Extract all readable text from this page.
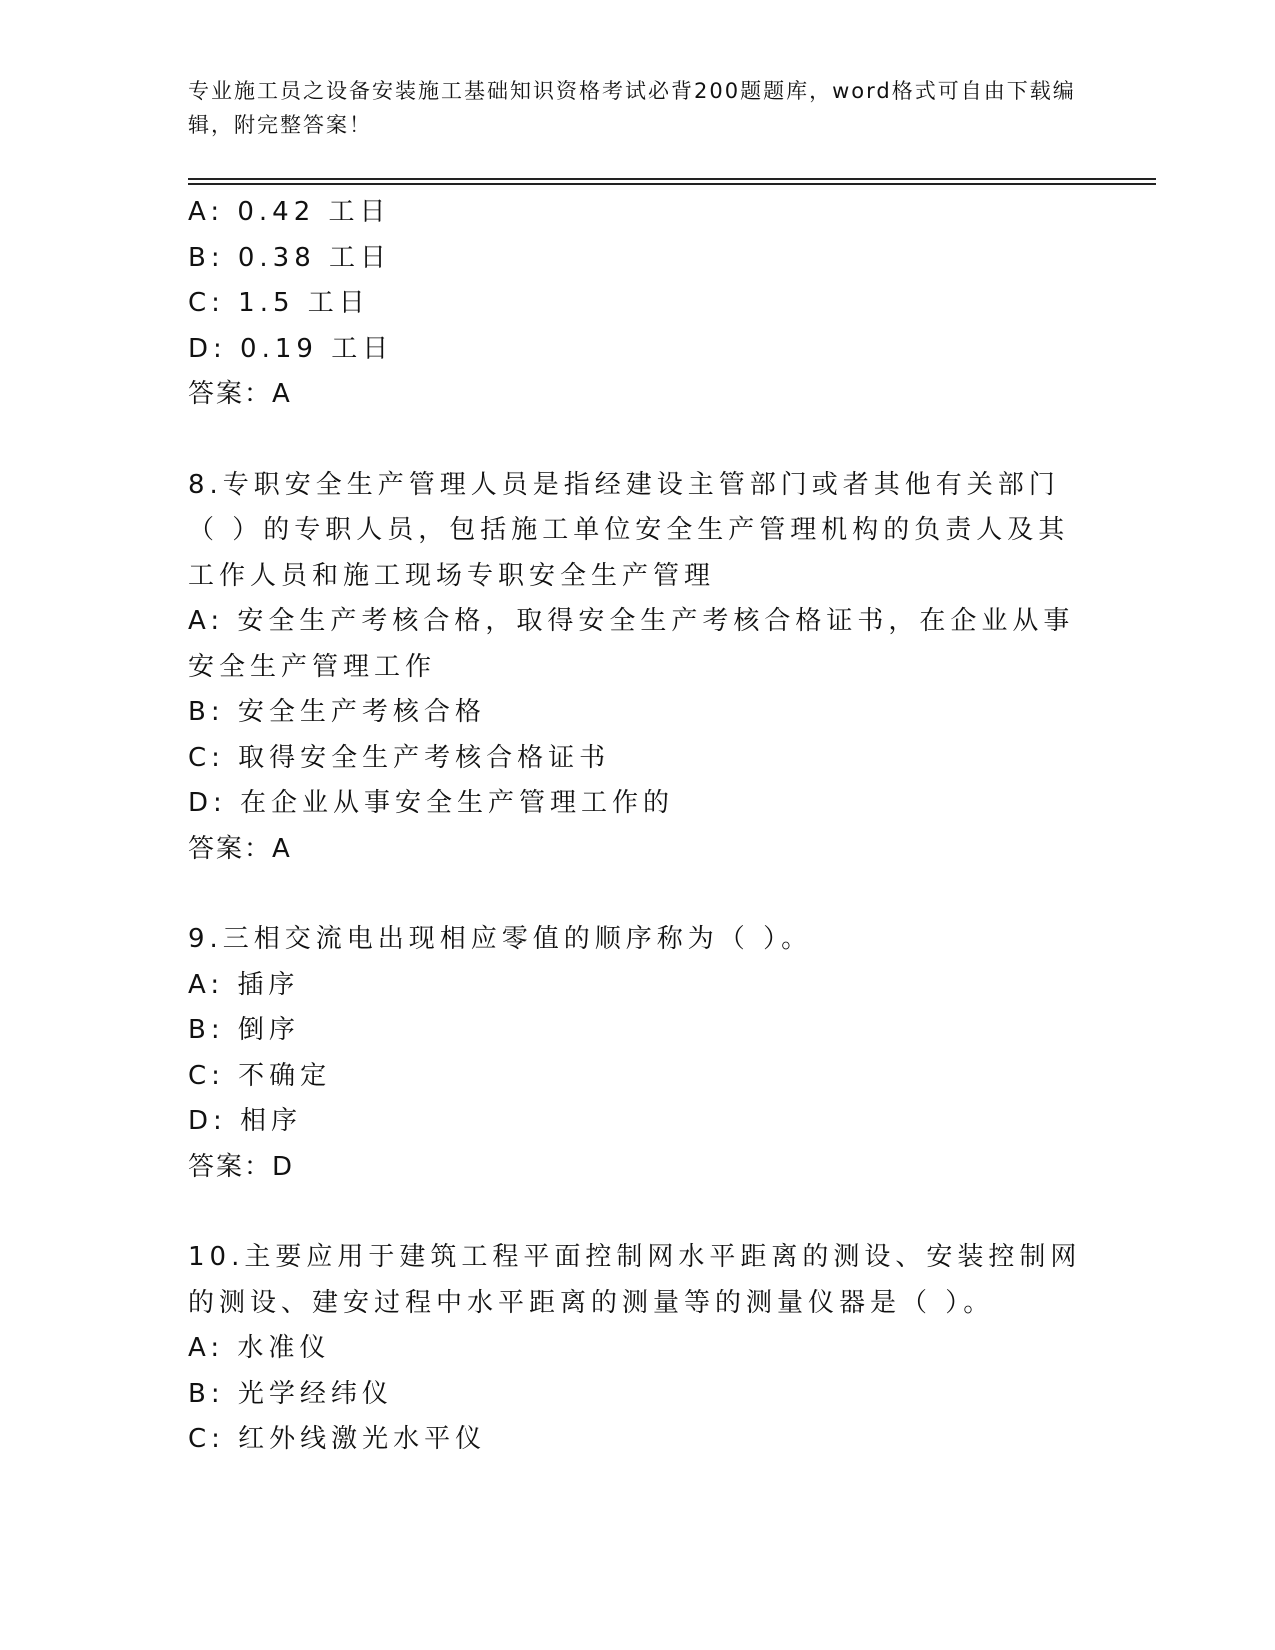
专业施工员之设备安装施工基础知识资格考试必背200题题库，word格式可自由下载编辑，附完整答案！

A: 0.42 工日

B: 0.38 工日

C: 1.5 工日

D: 0.19 工日

答案：A

8.专职安全生产管理人员是指经建设主管部门或者其他有关部门（ ）的专职人员，包括施工单位安全生产管理机构的负责人及其工作人员和施工现场专职安全生产管理

A: 安全生产考核合格，取得安全生产考核合格证书，在企业从事安全生产管理工作

B: 安全生产考核合格

C: 取得安全生产考核合格证书

D: 在企业从事安全生产管理工作的

答案：A

9.三相交流电出现相应零值的顺序称为（ ）。

A: 插序

B: 倒序

C: 不确定

D: 相序

答案：D

10.主要应用于建筑工程平面控制网水平距离的测设、安装控制网的测设、建安过程中水平距离的测量等的测量仪器是（ ）。

A: 水准仪

B: 光学经纬仪

C: 红外线激光水平仪
